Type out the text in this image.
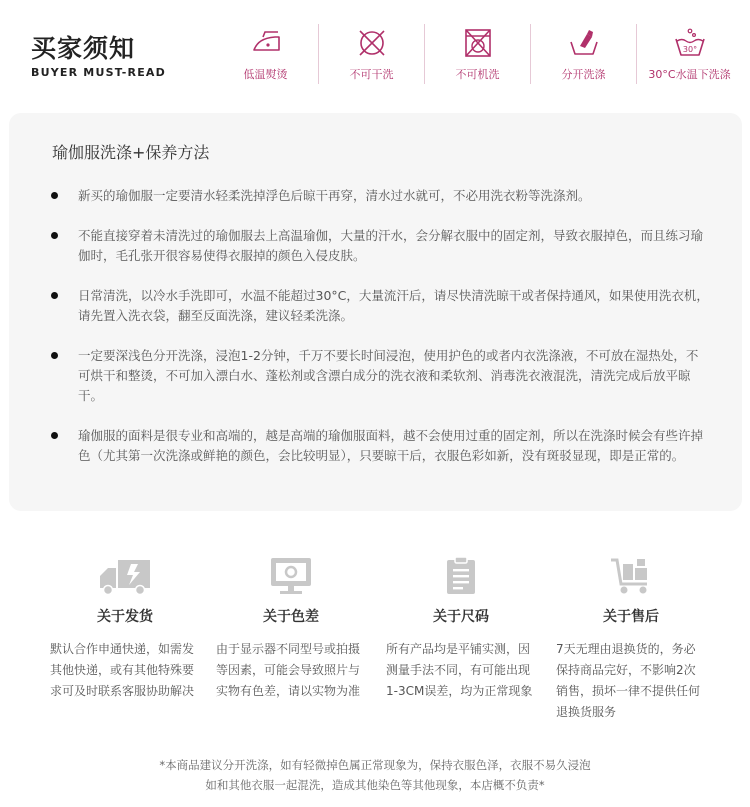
买家须知
BUYER MUST-READ	低温熨烫	不可干洗	不可机洗	分开洗涤
30°
30°C水温下洗涤
瑜伽服洗涤+保养方法
新买的瑜伽服一定要清水轻柔洗掉浮色后晾干再穿，清水过水就可，不必用洗衣粉等洗涤剂。
不能直接穿着未清洗过的瑜伽服去上高温瑜伽，大量的汗水，会分解衣服中的固定剂，导致衣服掉色，而且练习瑜伽时，毛孔张开很容易使得衣服掉的颜色入侵皮肤。
日常清洗，以冷水手洗即可，水温不能超过30°C，大量流汗后，请尽快清洗晾干或者保持通风，如果使用洗衣机，请先置入洗衣袋，翻至反面洗涤，建议轻柔洗涤。
一定要深浅色分开洗涤，浸泡1-2分钟，千万不要长时间浸泡，使用护色的或者内衣洗涤液，不可放在湿热处，不可烘干和整烫，不可加入漂白水、蓬松剂或含漂白成分的洗衣液和柔软剂、消毒洗衣液混洗，清洗完成后放平晾干。
瑜伽服的面料是很专业和高端的，越是高端的瑜伽服面料，越不会使用过重的固定剂，所以在洗涤时候会有些许掉色（尤其第一次洗涤或鲜艳的颜色，会比较明显），只要晾干后，衣服色彩如新，没有斑驳显现，即是正常的。
关于发货
默认合作申通快递，如需发其他快递，或有其他特殊要求可及时联系客服协助解决
关于色差
由于显示器不同型号或拍摄等因素，可能会导致照片与实物有色差，请以实物为准
关于尺码
所有产品均是平铺实测，因测量手法不同，有可能出现1-3CM误差，均为正常现象
关于售后
7天无理由退换货的，务必保持商品完好，不影响2次销售，损坏一律不提供任何退换货服务
*本商品建议分开洗涤，如有轻微掉色属正常现象为，保持衣服色泽，衣服不易久浸泡
如和其他衣服一起混洗，造成其他染色等其他现象，本店概不负责*
